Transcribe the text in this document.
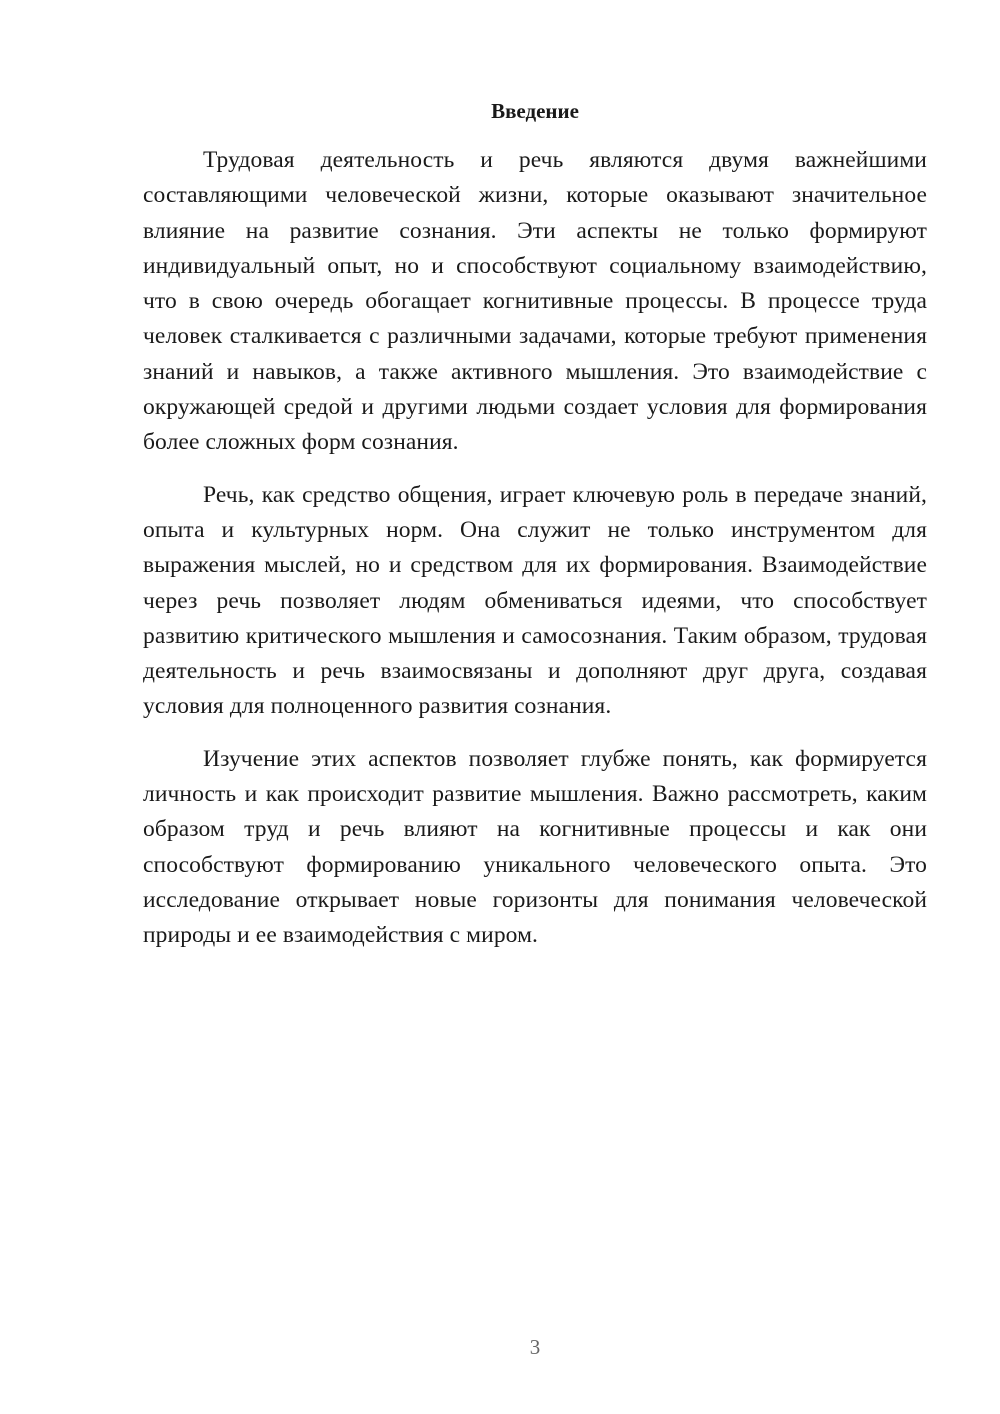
Введение

Трудовая деятельность и речь являются двумя важнейшими составляющими человеческой жизни, которые оказывают значительное влияние на развитие сознания. Эти аспекты не только формируют индивидуальный опыт, но и способствуют социальному взаимодействию, что в свою очередь обогащает когнитивные процессы. В процессе труда человек сталкивается с различными задачами, которые требуют применения знаний и навыков, а также активного мышления. Это взаимодействие с окружающей средой и другими людьми создает условия для формирования более сложных форм сознания.

Речь, как средство общения, играет ключевую роль в передаче знаний, опыта и культурных норм. Она служит не только инструментом для выражения мыслей, но и средством для их формирования. Взаимодействие через речь позволяет людям обмениваться идеями, что способствует развитию критического мышления и самосознания. Таким образом, трудовая деятельность и речь взаимосвязаны и дополняют друг друга, создавая условия для полноценного развития сознания.

Изучение этих аспектов позволяет глубже понять, как формируется личность и как происходит развитие мышления. Важно рассмотреть, каким образом труд и речь влияют на когнитивные процессы и как они способствуют формированию уникального человеческого опыта. Это исследование открывает новые горизонты для понимания человеческой природы и ее взаимодействия с миром.

3
